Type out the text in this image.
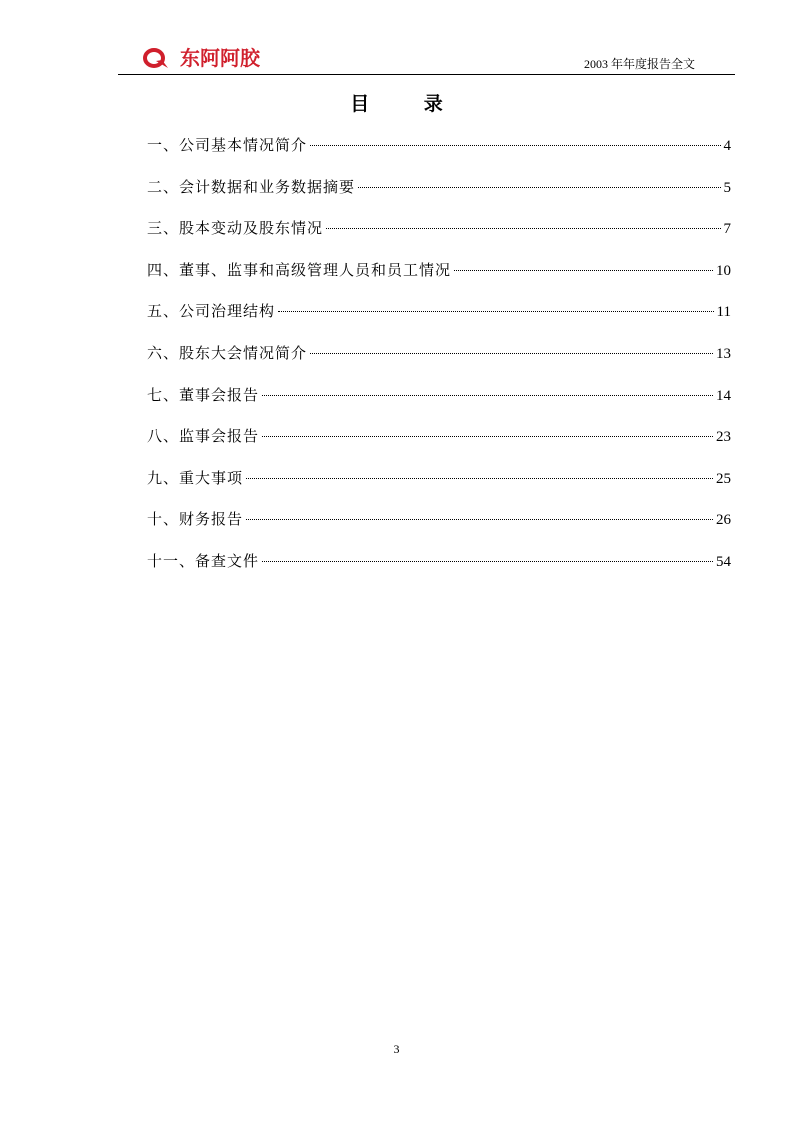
东阿阿胶	2003 年年度报告全文
目 录
一、公司基本情况简介	4
二、会计数据和业务数据摘要	5
三、股本变动及股东情况	7
四、董事、监事和高级管理人员和员工情况	10
五、公司治理结构	11
六、股东大会情况简介	13
七、董事会报告	14
八、监事会报告	23
九、重大事项	25
十、财务报告	26
十一、备查文件	54
3
